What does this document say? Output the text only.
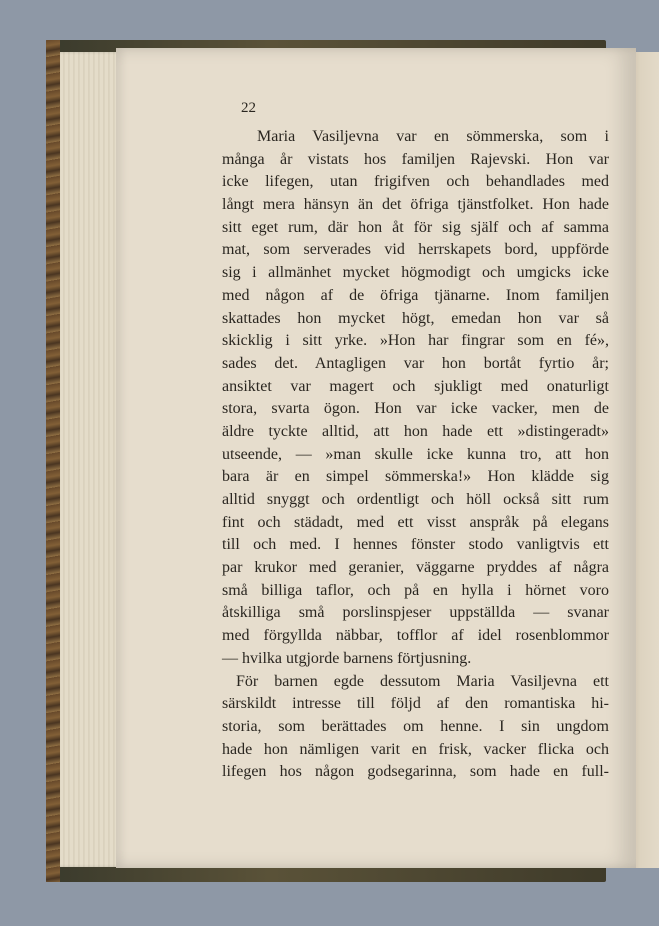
22
Maria Vasiljevna var en sömmerska, som i
många år vistats hos familjen Rajevski. Hon var
icke lifegen, utan frigifven och behandlades med
långt mera hänsyn än det öfriga tjänstfolket. Hon hade
sitt eget rum, där hon åt för sig själf och af samma
mat, som serverades vid herrskapets bord, uppförde
sig i allmänhet mycket högmodigt och umgicks icke
med någon af de öfriga tjänarne. Inom familjen
skattades hon mycket högt, emedan hon var så
skicklig i sitt yrke. »Hon har fingrar som en fé»,
sades det. Antagligen var hon bortåt fyrtio år;
ansiktet var magert och sjukligt med onaturligt
stora, svarta ögon. Hon var icke vacker, men de
äldre tyckte alltid, att hon hade ett »distingeradt»
utseende, — »man skulle icke kunna tro, att hon
bara är en simpel sömmerska!» Hon klädde sig
alltid snyggt och ordentligt och höll också sitt rum
fint och städadt, med ett visst anspråk på elegans
till och med. I hennes fönster stodo vanligtvis ett
par krukor med geranier, väggarne pryddes af några
små billiga taflor, och på en hylla i hörnet voro
åtskilliga små porslinspjeser uppställda — svanar
med förgyllda näbbar, tofflor af idel rosenblommor
— hvilka utgjorde barnens förtjusning.
För barnen egde dessutom Maria Vasiljevna ett
särskildt intresse till följd af den romantiska hi-
storia, som berättades om henne. I sin ungdom
hade hon nämligen varit en frisk, vacker flicka och
lifegen hos någon godsegarinna, som hade en full-
